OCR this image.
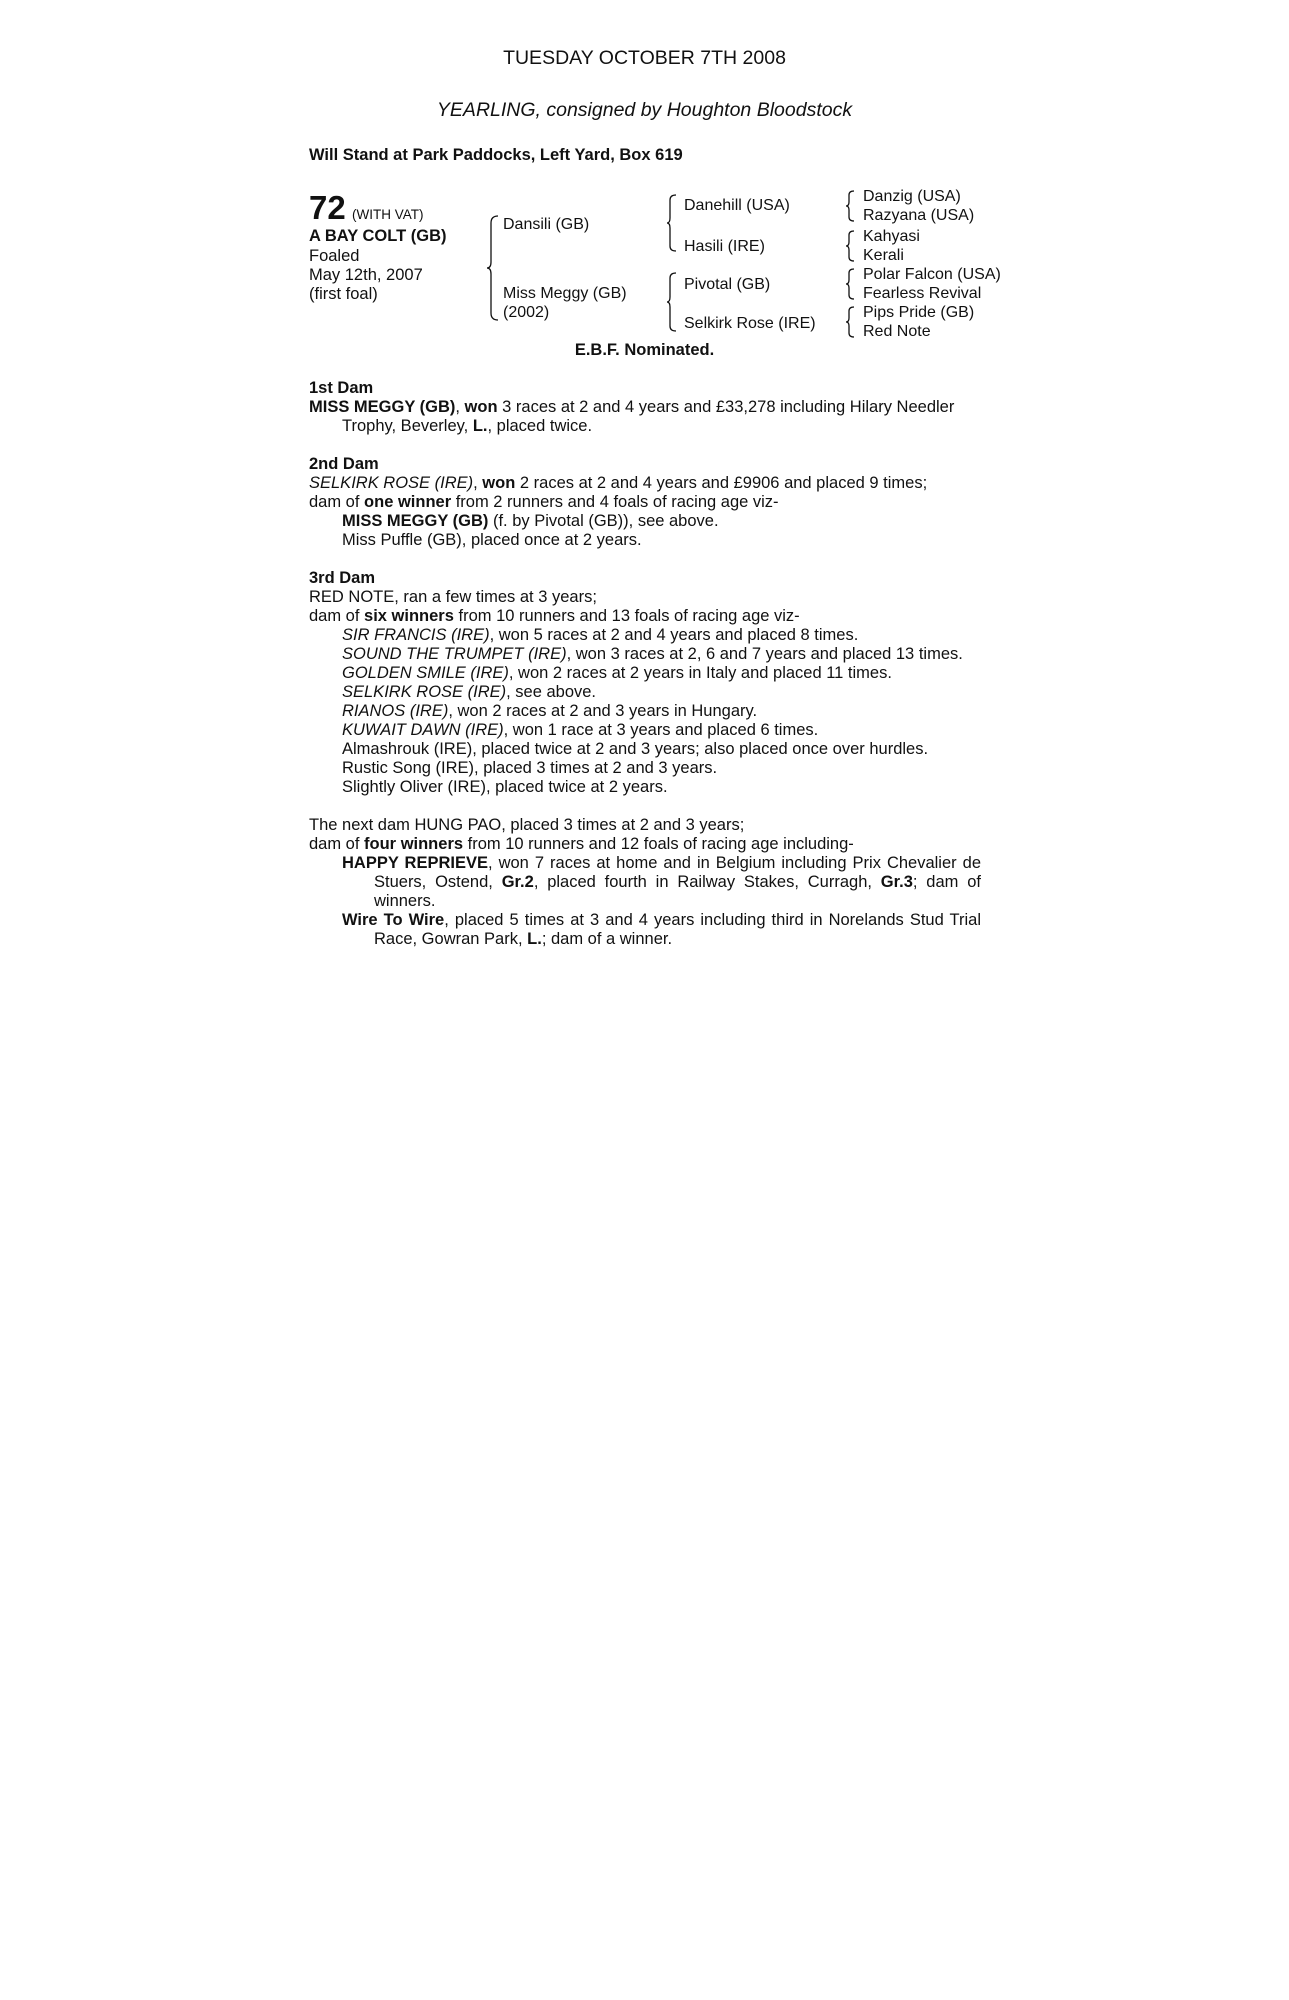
TUESDAY OCTOBER 7TH 2008
YEARLING, consigned by Houghton Bloodstock
Will Stand at Park Paddocks, Left Yard, Box 619
72 (WITH VAT)
A BAY COLT (GB)
Foaled
May 12th, 2007
(first foal)
Dansili (GB)
Miss Meggy (GB)
(2002)
Danehill (USA)
Hasili (IRE)
Pivotal (GB)
Selkirk Rose (IRE)
Danzig (USA)
Razyana (USA)
Kahyasi
Kerali
Polar Falcon (USA)
Fearless Revival
Pips Pride (GB)
Red Note
E.B.F. Nominated.
1st Dam
MISS MEGGY (GB), won 3 races at 2 and 4 years and £33,278 including Hilary Needler Trophy, Beverley, L., placed twice.
2nd Dam
SELKIRK ROSE (IRE), won 2 races at 2 and 4 years and £9906 and placed 9 times;
dam of one winner from 2 runners and 4 foals of racing age viz-
MISS MEGGY (GB) (f. by Pivotal (GB)), see above.
Miss Puffle (GB), placed once at 2 years.
3rd Dam
RED NOTE, ran a few times at 3 years;
dam of six winners from 10 runners and 13 foals of racing age viz-
SIR FRANCIS (IRE), won 5 races at 2 and 4 years and placed 8 times.
SOUND THE TRUMPET (IRE), won 3 races at 2, 6 and 7 years and placed 13 times.
GOLDEN SMILE (IRE), won 2 races at 2 years in Italy and placed 11 times.
SELKIRK ROSE (IRE), see above.
RIANOS (IRE), won 2 races at 2 and 3 years in Hungary.
KUWAIT DAWN (IRE), won 1 race at 3 years and placed 6 times.
Almashrouk (IRE), placed twice at 2 and 3 years; also placed once over hurdles.
Rustic Song (IRE), placed 3 times at 2 and 3 years.
Slightly Oliver (IRE), placed twice at 2 years.
The next dam HUNG PAO, placed 3 times at 2 and 3 years;
dam of four winners from 10 runners and 12 foals of racing age including-
HAPPY REPRIEVE, won 7 races at home and in Belgium including Prix Chevalier de Stuers, Ostend, Gr.2, placed fourth in Railway Stakes, Curragh, Gr.3; dam of winners.
Wire To Wire, placed 5 times at 3 and 4 years including third in Norelands Stud Trial Race, Gowran Park, L.; dam of a winner.
